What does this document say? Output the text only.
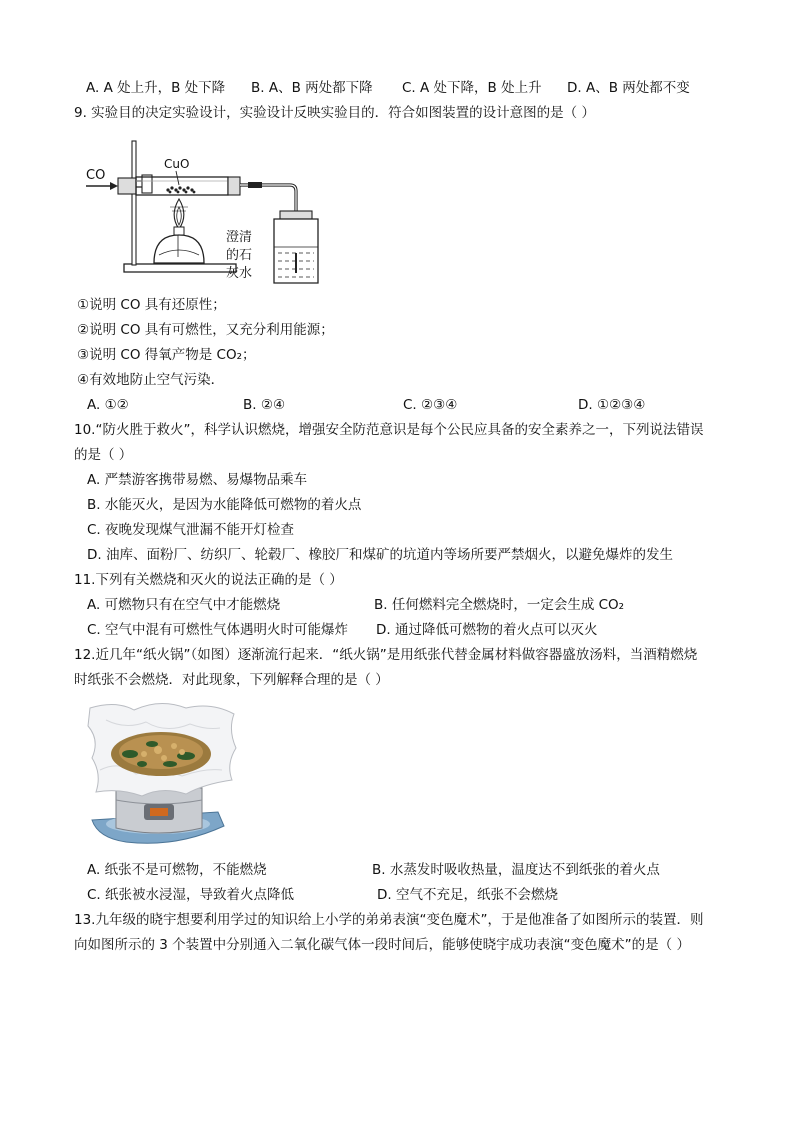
A. A 处上升，B 处下降 B. A、B 两处都下降 C. A 处下降，B 处上升 D. A、B 两处都不变
9. 实验目的决定实验设计，实验设计反映实验目的．符合如图装置的设计意图的是（ ）
CO
CuO
澄清
的石
灰水
①说明 CO 具有还原性；
②说明 CO 具有可燃性，又充分利用能源；
③说明 CO 得氧产物是 CO₂；
④有效地防止空气污染．
A. ①②	B. ②④	C. ②③④	D. ①②③④
10.“防火胜于救火”，科学认识燃烧，增强安全防范意识是每个公民应具备的安全素养之一，下列说法错误
的是（ ）
A. 严禁游客携带易燃、易爆物品乘车
B. 水能灭火，是因为水能降低可燃物的着火点
C. 夜晚发现煤气泄漏不能开灯检查
D. 油库、面粉厂、纺织厂、轮毂厂、橡胶厂和煤矿的坑道内等场所要严禁烟火，以避免爆炸的发生
11.下列有关燃烧和灭火的说法正确的是（ ）
A. 可燃物只有在空气中才能燃烧	B. 任何燃料完全燃烧时，一定会生成 CO₂
C. 空气中混有可燃性气体遇明火时可能爆炸 D. 通过降低可燃物的着火点可以灭火
12.近几年“纸火锅”（如图）逐渐流行起来．“纸火锅”是用纸张代替金属材料做容器盛放汤料，当酒精燃烧
时纸张不会燃烧．对此现象，下列解释合理的是（ ）
A. 纸张不是可燃物，不能燃烧	B. 水蒸发时吸收热量，温度达不到纸张的着火点
C. 纸张被水浸湿，导致着火点降低	D. 空气不充足，纸张不会燃烧
13.九年级的晓宇想要利用学过的知识给上小学的弟弟表演“变色魔术”，于是他准备了如图所示的装置．则
向如图所示的 3 个装置中分别通入二氧化碳气体一段时间后，能够使晓宇成功表演“变色魔术”的是（ ）
